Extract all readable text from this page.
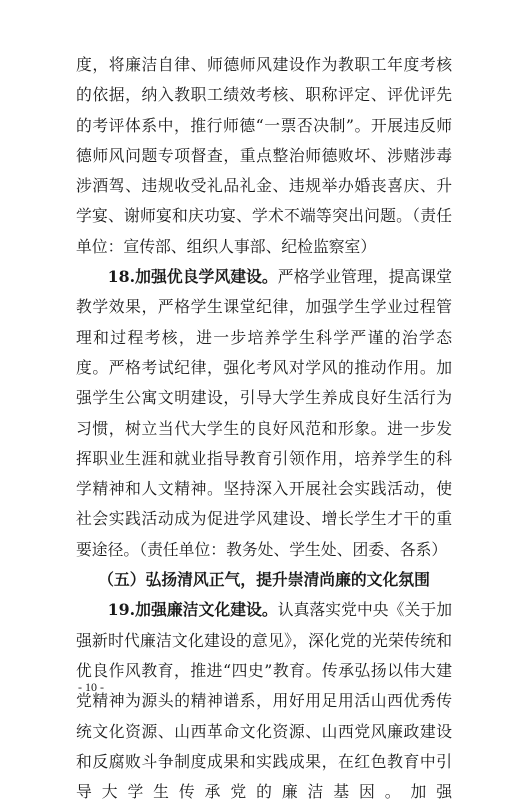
度，将廉洁自律、师德师风建设作为教职工年度考核的依据，纳入教职工绩效考核、职称评定、评优评先的考评体系中，推行师德“一票否决制”。开展违反师德师风问题专项督查，重点整治师德败坏、涉赌涉毒涉酒驾、违规收受礼品礼金、违规举办婚丧喜庆、升学宴、谢师宴和庆功宴、学术不端等突出问题。（责任单位：宣传部、组织人事部、纪检监察室）

18.加强优良学风建设。严格学业管理，提高课堂教学效果，严格学生课堂纪律，加强学生学业过程管理和过程考核，进一步培养学生科学严谨的治学态度。严格考试纪律，强化考风对学风的推动作用。加强学生公寓文明建设，引导大学生养成良好生活行为习惯，树立当代大学生的良好风范和形象。进一步发挥职业生涯和就业指导教育引领作用，培养学生的科学精神和人文精神。坚持深入开展社会实践活动，使社会实践活动成为促进学风建设、增长学生才干的重要途径。（责任单位：教务处、学生处、团委、各系）

（五）弘扬清风正气，提升崇清尚廉的文化氛围

19.加强廉洁文化建设。认真落实党中央《关于加强新时代廉洁文化建设的意见》，深化党的光荣传统和优良作风教育，推进“四史”教育。传承弘扬以伟大建党精神为源头的精神谱系，用好用足用活山西优秀传统文化资源、山西革命文化资源、山西党风廉政建设和反腐败斗争制度成果和实践成果，在红色教育中引导大学生传承党的廉洁基因。加强

- 10 -
